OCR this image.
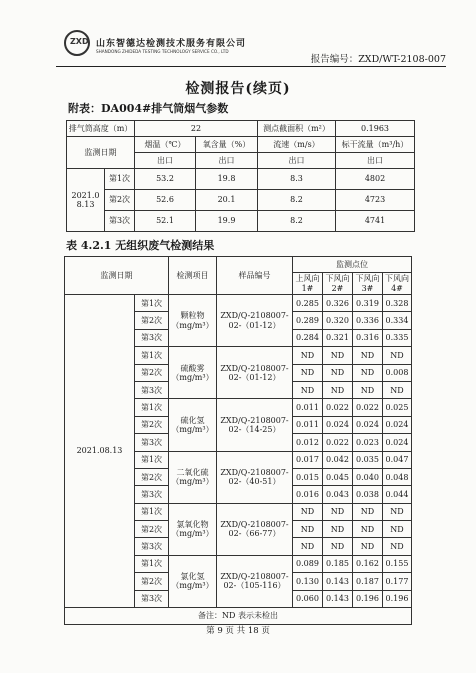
ZXD 山东智德达检测技术服务有限公司
SHANDONG ZHIDEDA TESTING TECHNOLOGY SERVICE CO., LTD
报告编号：ZXD/WT-2108-007
检测报告(续页)
附表：DA004#排气筒烟气参数
排气筒高度（m）		22		测点截面积（m²）	0.1963
监测日期		烟温（℃）	氧含量（%）	流速（m/s）	标干流量（m³/h）
		出口	出口	出口	出口
2021.08.13	第1次	53.2	19.8	8.3	4802
	第2次	52.6	20.1	8.2	4723
	第3次	52.1	19.9	8.2	4741
表 4.2.1 无组织废气检测结果
监测日期		检测项目	样品编号	监测点位			
				上风向1#	下风向2#	下风向3#	下风向4#
2021.08.13	第1次	颗粒物（mg/m³）	ZXD/Q-2108007-02-（01-12）	0.285	0.326	0.319	0.328
	第2次			0.289	0.320	0.336	0.334
	第3次			0.284	0.321	0.316	0.335
	第1次	硫酸雾（mg/m³）	ZXD/Q-2108007-02-（01-12）	ND	ND	ND	ND
	第2次			ND	ND	ND	0.008
	第3次			ND	ND	ND	ND
	第1次	硫化氢（mg/m³）	ZXD/Q-2108007-02-（14-25）	0.011	0.022	0.022	0.025
	第2次			0.011	0.024	0.024	0.024
	第3次			0.012	0.022	0.023	0.024
	第1次	二氧化硫（mg/m³）	ZXD/Q-2108007-02-（40-51）	0.017	0.042	0.035	0.047
	第2次			0.015	0.045	0.040	0.048
	第3次			0.016	0.043	0.038	0.044
	第1次	氯氧化物（mg/m³）	ZXD/Q-2108007-02-（66-77）	ND	ND	ND	ND
	第2次			ND	ND	ND	ND
	第3次			ND	ND	ND	ND
	第1次	氯化氢（mg/m³）	ZXD/Q-2108007-02-（105-116）	0.089	0.185	0.162	0.155
	第2次			0.130	0.143	0.187	0.177
	第3次			0.060	0.143	0.196	0.196
备注：ND 表示未检出							
第 9 页 共 18 页
